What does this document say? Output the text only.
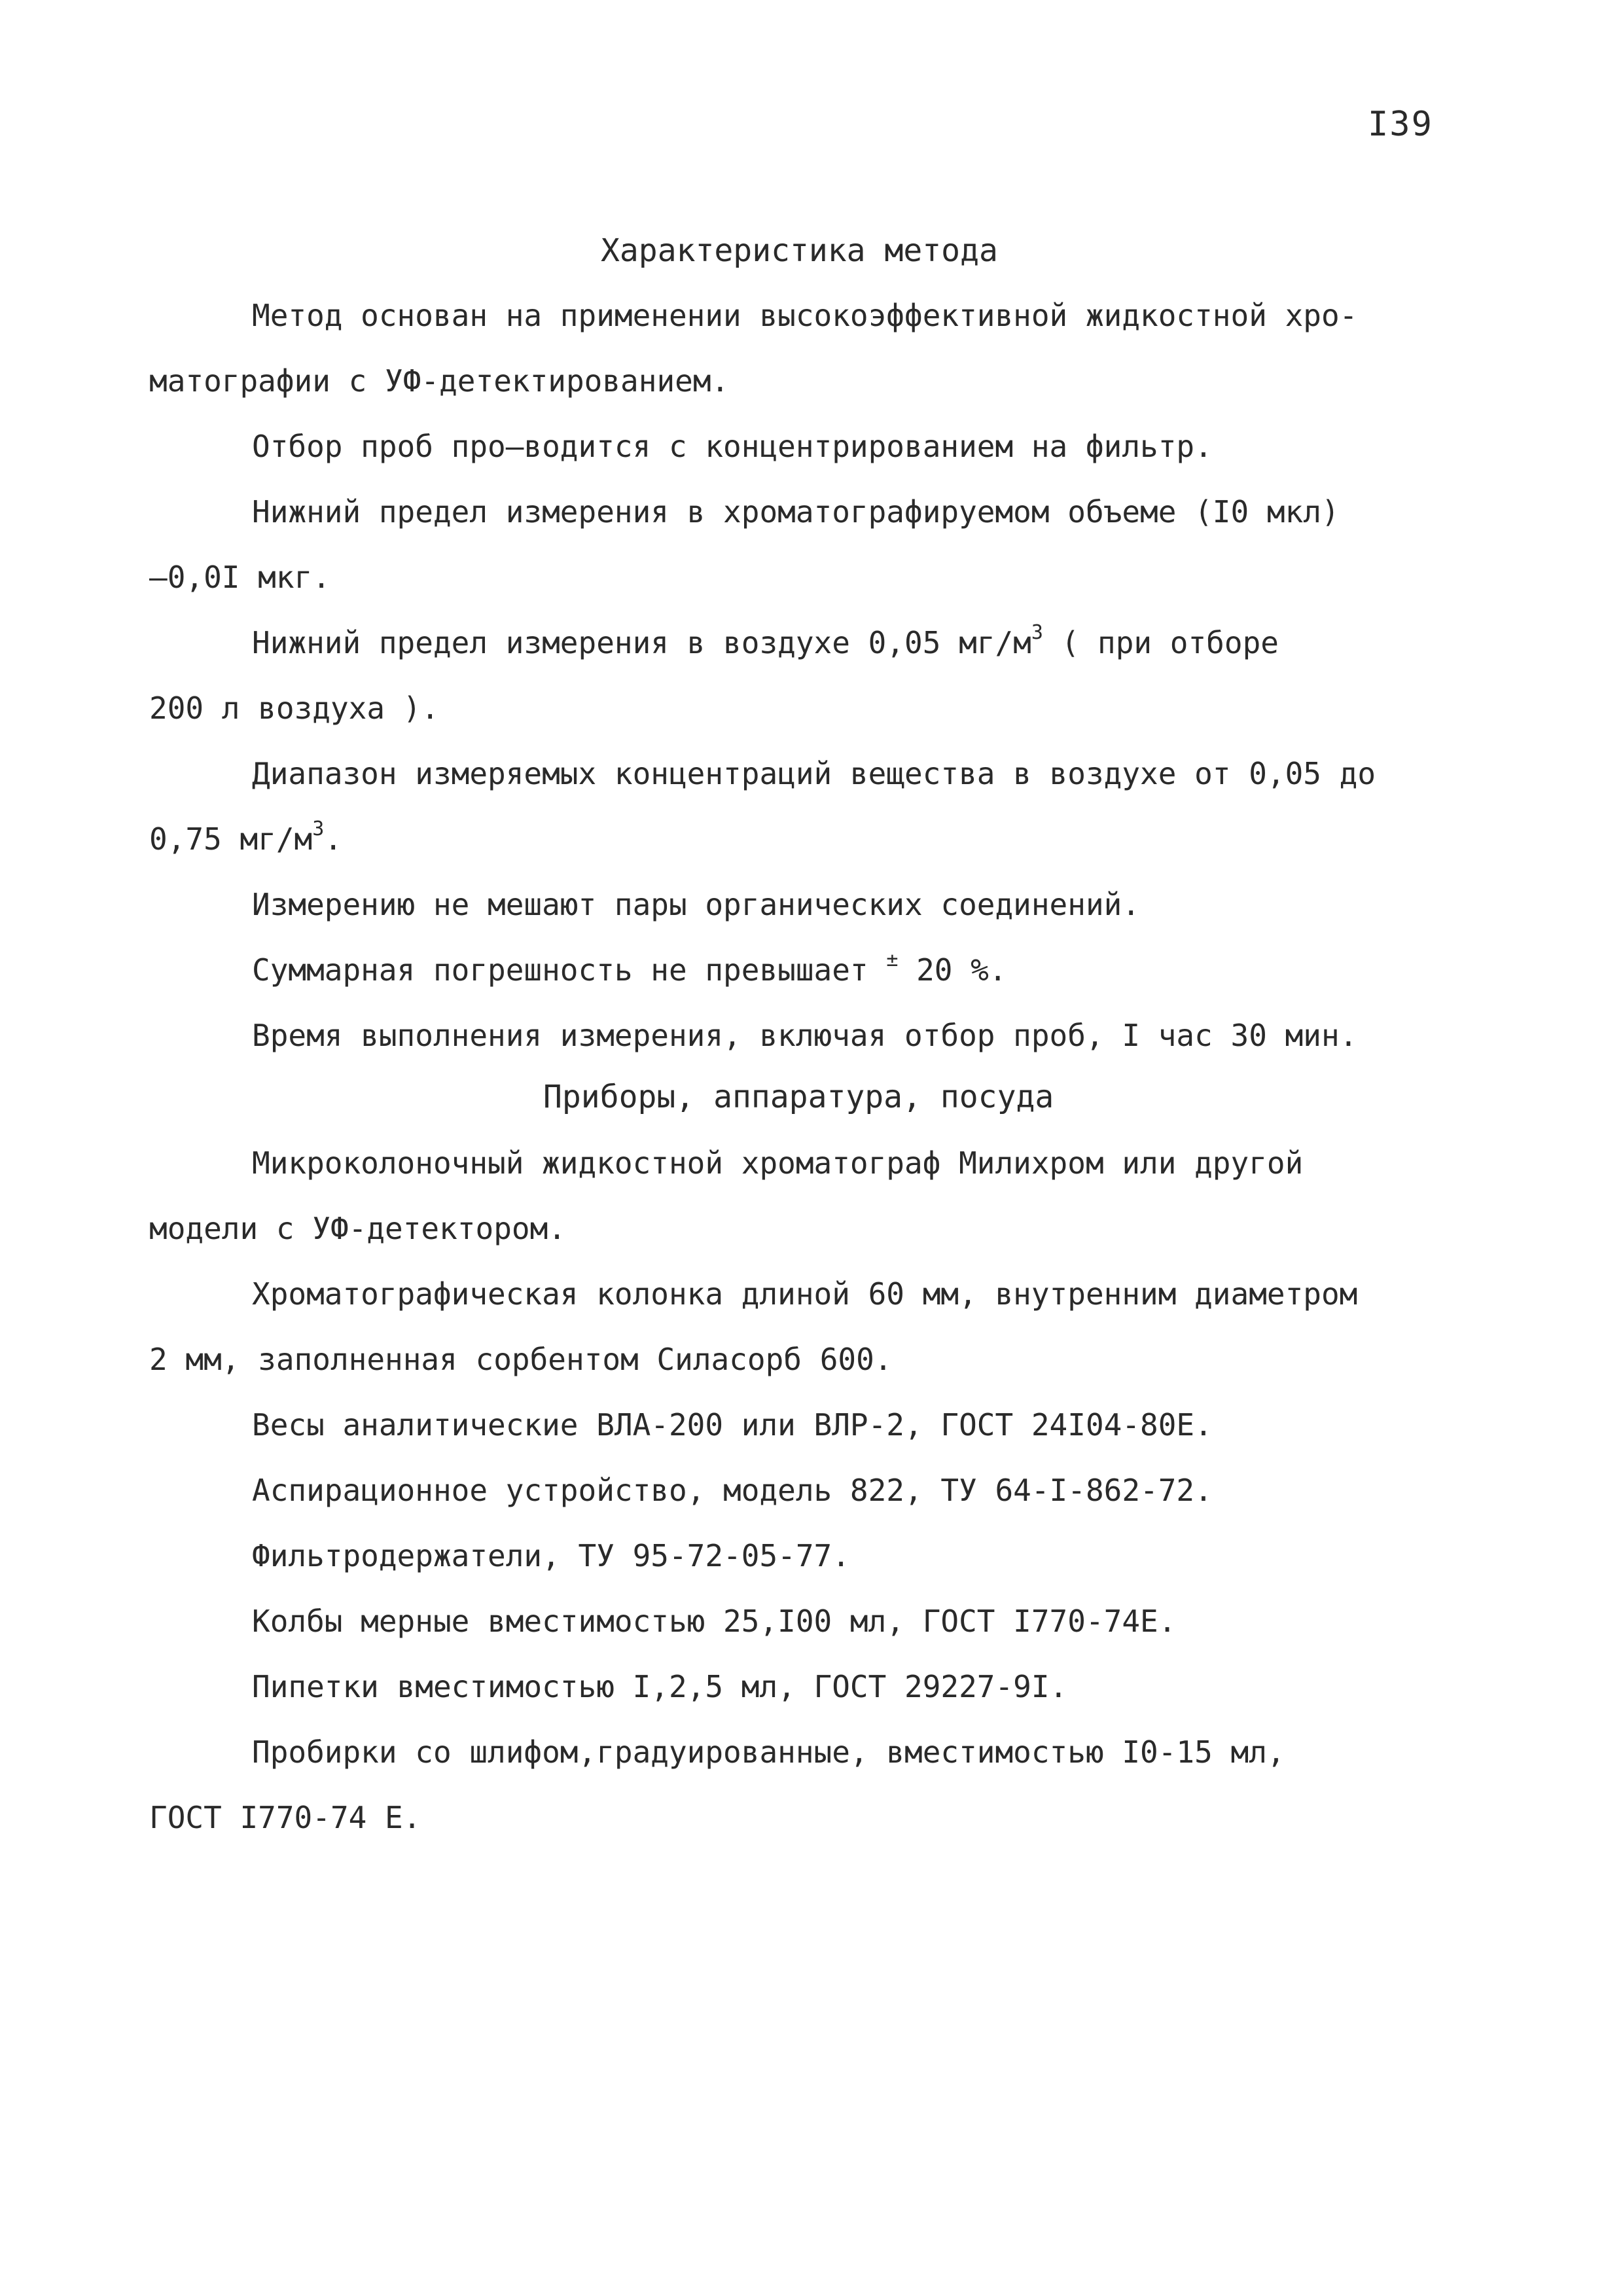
I39
Характеристика метода
Метод основан на применении высокоэффективной жидкостной хро-
матографии с УФ-детектированием.
Отбор проб про—водится с концентрированием на фильтр.
Нижний предел измерения в хроматографируемом объеме (I0 мкл)
–0,0I мкг.
Нижний предел измерения в воздухе 0,05 $мг/м^3$ ( при отборе
200 л воздуха ).
Диапазон измеряемых концентраций вещества в воздухе от 0,05 до
0,75 $мг/м^3$.
Измерению не мешают пары органических соединений.
Суммарная погрешность не превышает ± 20 %.
Время выполнения измерения, включая отбор проб, I час 30 мин.
Приборы, аппаратура, посуда
Микроколоночный жидкостной хроматограф Милихром или другой
модели с УФ-детектором.
Хроматографическая колонка длиной 60 мм, внутренним диаметром
2 мм, заполненная сорбентом Силасорб 600.
Весы аналитические ВЛА-200 или ВЛР-2, ГОСТ 24I04-80Е.
Аспирационное устройство, модель 822, ТУ 64-I-862-72.
Фильтродержатели, ТУ 95-72-05-77.
Колбы мерные вместимостью 25,I00 мл, ГОСТ I770-74Е.
Пипетки вместимостью I,2,5 мл, ГОСТ 29227-9I.
Пробирки со шлифом,градуированные, вместимостью I0-15 мл,
ГОСТ I770-74 Е.
